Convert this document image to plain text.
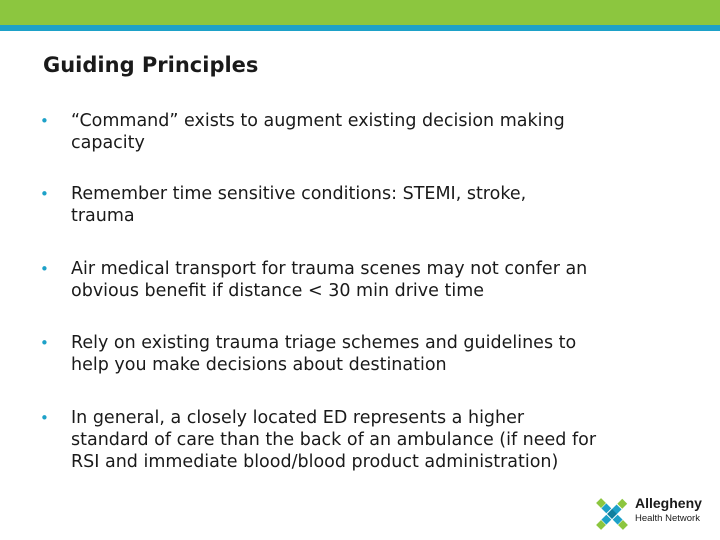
Guiding Principles
• “Command” exists to augment existing decision making
capacity
• Remember time sensitive conditions: STEMI, stroke,
trauma
• Air medical transport for trauma scenes may not confer an
obvious benefit if distance < 30 min drive time
• Rely on existing trauma triage schemes and guidelines to
help you make decisions about destination
• In general, a closely located ED represents a higher
standard of care than the back of an ambulance (if need for
RSI and immediate blood/blood product administration)
Allegheny
Health Network
